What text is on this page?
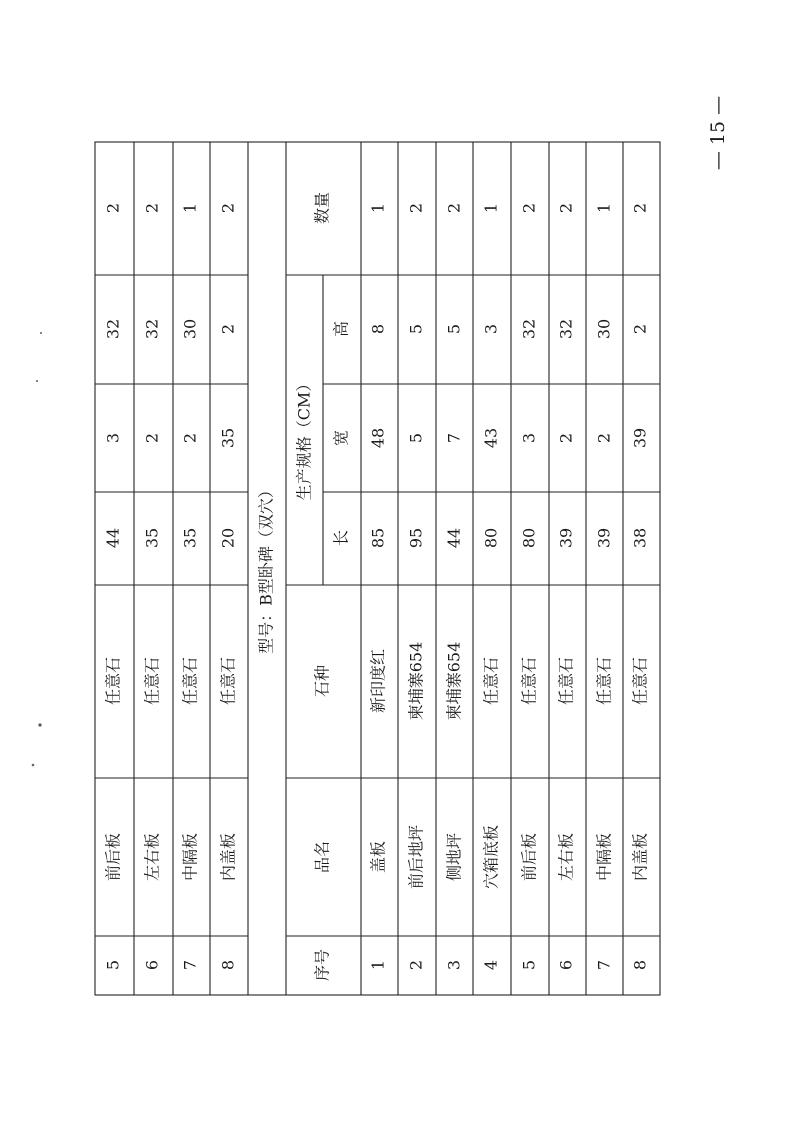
— 15 —
5
前后板
任意石
44
3
32
2
6
左右板
任意石
35
2
32
2
7
中隔板
任意石
35
2
30
1
8
内盖板
任意石
20
35
2
2
型号：B型卧碑（双穴）
序号
品名
石种
生产规格（CM）
长
宽
高
数量
1
盖板
新印度红
85
48
8
1
2
前后地坪
柬埔寨654
95
5
5
2
3
侧地坪
柬埔寨654
44
7
5
2
4
穴箱底板
任意石
80
43
3
1
5
前后板
任意石
80
3
32
2
6
左右板
任意石
39
2
32
2
7
中隔板
任意石
39
2
30
1
8
内盖板
任意石
38
39
2
2
